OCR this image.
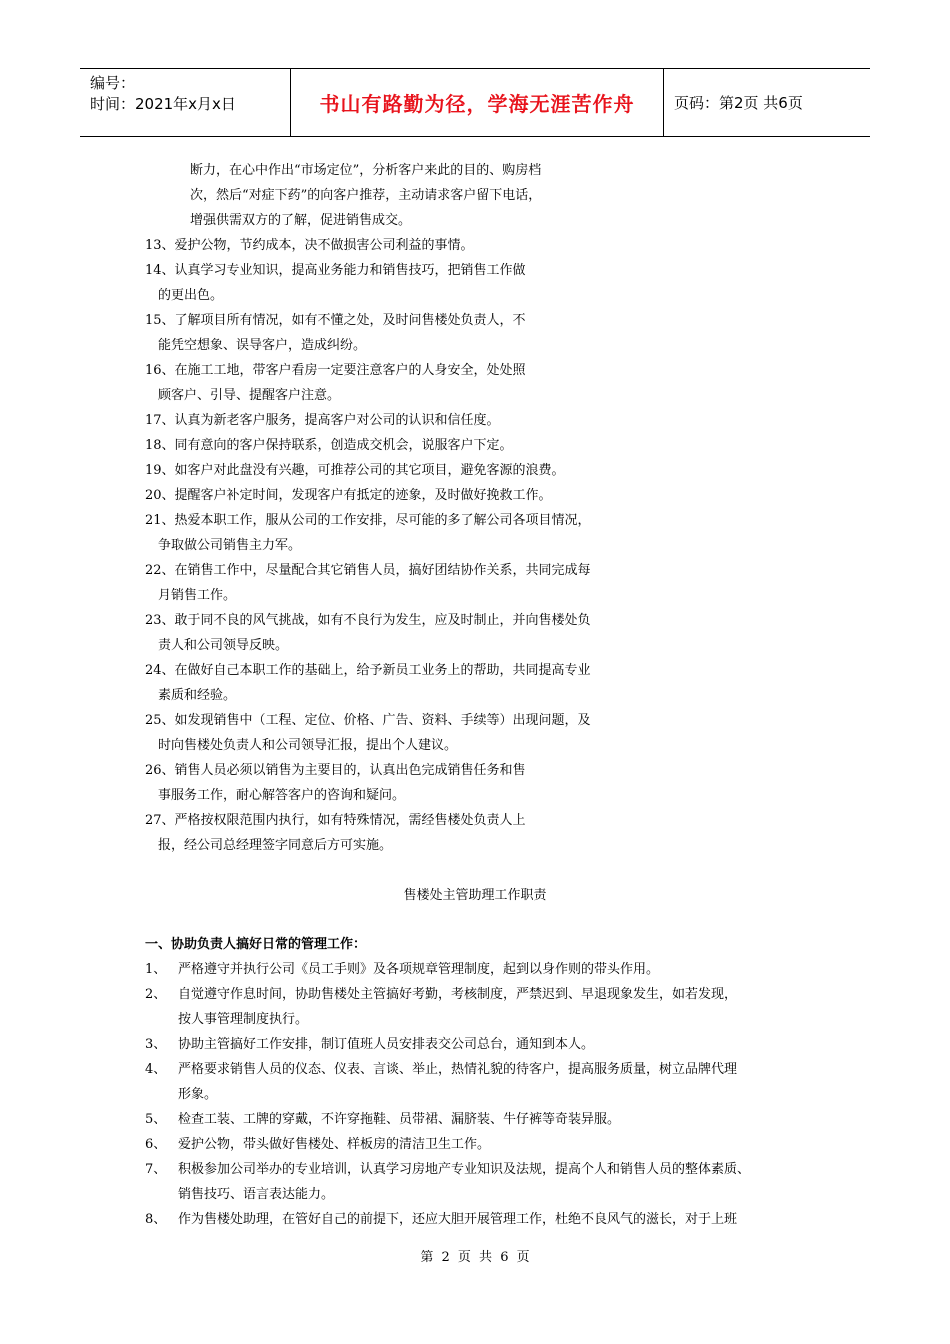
编号：
时间：2021年x月x日	书山有路勤为径，学海无涯苦作舟	页码：第2页 共6页
断力，在心中作出“市场定位”，分析客户来此的目的、购房档
次，然后“对症下药”的向客户推荐，主动请求客户留下电话，
增强供需双方的了解，促进销售成交。
13、爱护公物，节约成本，决不做损害公司利益的事情。
14、认真学习专业知识，提高业务能力和销售技巧，把销售工作做
的更出色。
15、了解项目所有情况，如有不懂之处，及时问售楼处负责人，不
能凭空想象、误导客户，造成纠纷。
16、在施工工地，带客户看房一定要注意客户的人身安全，处处照
顾客户、引导、提醒客户注意。
17、认真为新老客户服务，提高客户对公司的认识和信任度。
18、同有意向的客户保持联系，创造成交机会，说服客户下定。
19、如客户对此盘没有兴趣，可推荐公司的其它项目，避免客源的浪费。
20、提醒客户补定时间，发现客户有抵定的迹象，及时做好挽救工作。
21、热爱本职工作，服从公司的工作安排，尽可能的多了解公司各项目情况，
争取做公司销售主力军。
22、在销售工作中，尽量配合其它销售人员，搞好团结协作关系，共同完成每
月销售工作。
23、敢于同不良的风气挑战，如有不良行为发生，应及时制止，并向售楼处负
责人和公司领导反映。
24、在做好自己本职工作的基础上，给予新员工业务上的帮助，共同提高专业
素质和经验。
25、如发现销售中（工程、定位、价格、广告、资料、手续等）出现问题，及
时向售楼处负责人和公司领导汇报，提出个人建议。
26、销售人员必须以销售为主要目的，认真出色完成销售任务和售
事服务工作，耐心解答客户的咨询和疑问。
27、严格按权限范围内执行，如有特殊情况，需经售楼处负责人上
报，经公司总经理签字同意后方可实施。
售楼处主管助理工作职责
一、协助负责人搞好日常的管理工作：
1、 严格遵守并执行公司《员工手则》及各项规章管理制度，起到以身作则的带头作用。
2、 自觉遵守作息时间，协助售楼处主管搞好考勤，考核制度，严禁迟到、早退现象发生，如若发现，
按人事管理制度执行。
3、 协助主管搞好工作安排，制订值班人员安排表交公司总台，通知到本人。
4、 严格要求销售人员的仪态、仪表、言谈、举止，热情礼貌的待客户，提高服务质量，树立品牌代理
形象。
5、 检查工装、工牌的穿戴，不许穿拖鞋、员带裙、漏脐装、牛仔裤等奇装异服。
6、 爱护公物，带头做好售楼处、样板房的清洁卫生工作。
7、 积极参加公司举办的专业培训，认真学习房地产专业知识及法规，提高个人和销售人员的整体素质、
销售技巧、语言表达能力。
8、 作为售楼处助理，在管好自己的前提下，还应大胆开展管理工作，杜绝不良风气的滋长，对于上班
第 2 页 共 6 页
